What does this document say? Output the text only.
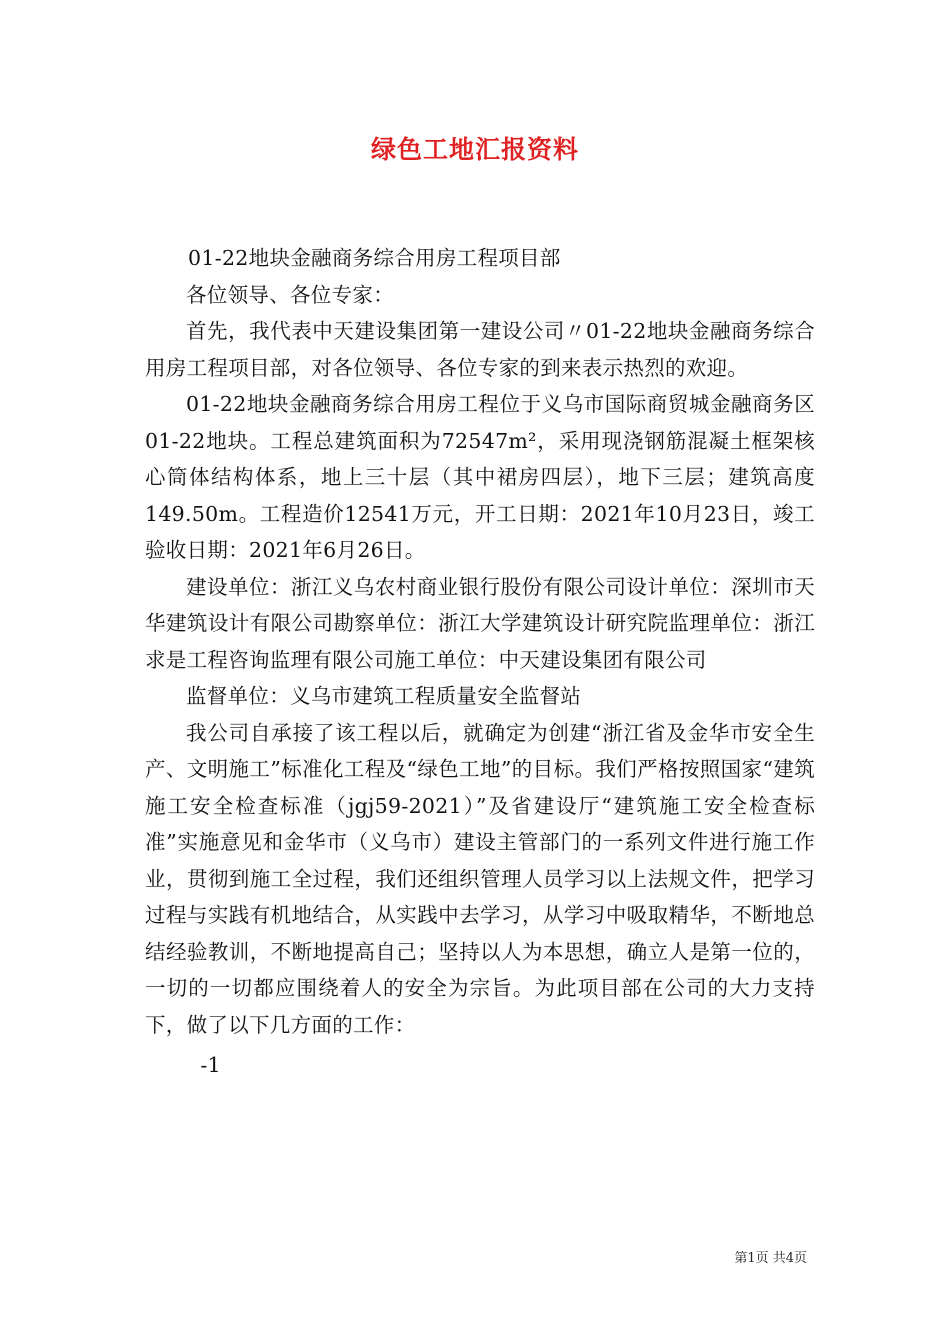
绿色工地汇报资料

01-22地块金融商务综合用房工程项目部

各位领导、各位专家：

首先，我代表中天建设集团第一建设公司〃01-22地块金融商务综合用房工程项目部，对各位领导、各位专家的到来表示热烈的欢迎。

01-22地块金融商务综合用房工程位于义乌市国际商贸城金融商务区01-22地块。工程总建筑面积为72547m²，采用现浇钢筋混凝土框架核心筒体结构体系，地上三十层（其中裙房四层），地下三层；建筑高度149.50m。工程造价12541万元，开工日期：2021年10月23日，竣工验收日期：2021年6月26日。

建设单位：浙江义乌农村商业银行股份有限公司设计单位：深圳市天华建筑设计有限公司勘察单位：浙江大学建筑设计研究院监理单位：浙江求是工程咨询监理有限公司施工单位：中天建设集团有限公司

监督单位：义乌市建筑工程质量安全监督站

我公司自承接了该工程以后，就确定为创建“浙江省及金华市安全生产、文明施工”标准化工程及“绿色工地”的目标。我们严格按照国家“建筑施工安全检查标准（jgj59-2021）”及省建设厅“建筑施工安全检查标准”实施意见和金华市（义乌市）建设主管部门的一系列文件进行施工作业，贯彻到施工全过程，我们还组织管理人员学习以上法规文件，把学习过程与实践有机地结合，从实践中去学习，从学习中吸取精华，不断地总结经验教训，不断地提高自己；坚持以人为本思想，确立人是第一位的，一切的一切都应围绕着人的安全为宗旨。为此项目部在公司的大力支持下，做了以下几方面的工作：

-1

第1页 共4页
